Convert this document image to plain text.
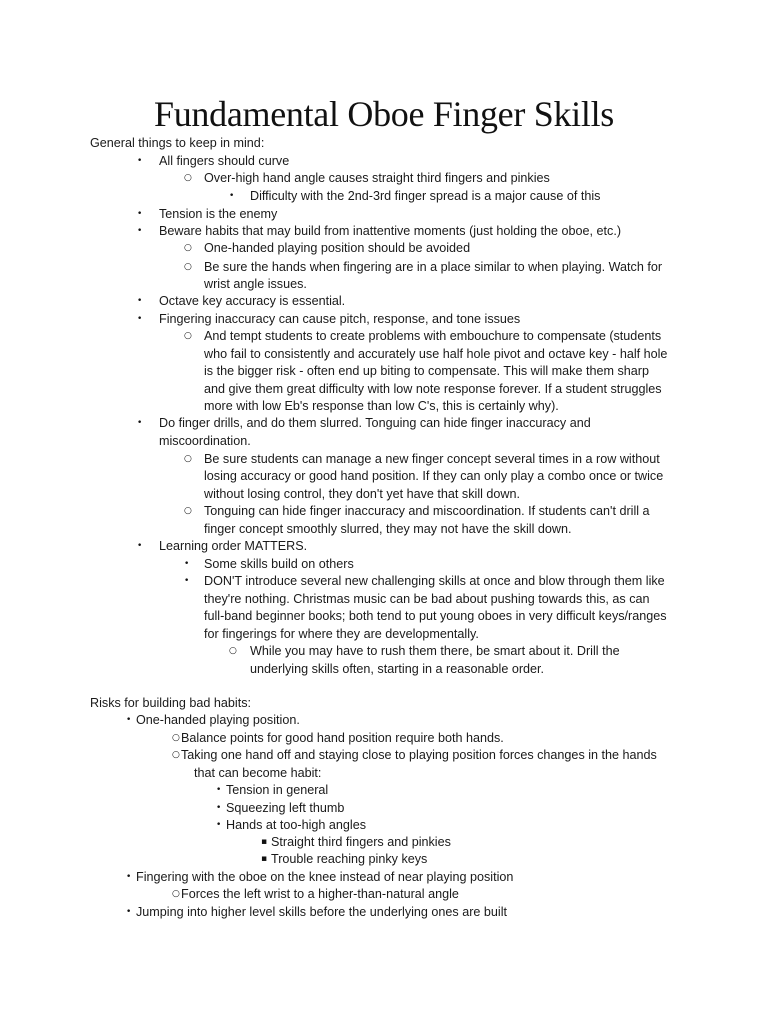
Fundamental Oboe Finger Skills
General things to keep in mind:
• All fingers should curve
○ Over-high hand angle causes straight third fingers and pinkies
• Difficulty with the 2nd-3rd finger spread is a major cause of this
• Tension is the enemy
• Beware habits that may build from inattentive moments (just holding the oboe, etc.)
○ One-handed playing position should be avoided
○ Be sure the hands when fingering are in a place similar to when playing. Watch for
wrist angle issues.
• Octave key accuracy is essential.
• Fingering inaccuracy can cause pitch, response, and tone issues
○ And tempt students to create problems with embouchure to compensate (students
who fail to consistently and accurately use half hole pivot and octave key - half hole
is the bigger risk - often end up biting to compensate. This will make them sharp
and give them great difficulty with low note response forever. If a student struggles
more with low Eb's response than low C's, this is certainly why).
• Do finger drills, and do them slurred. Tonguing can hide finger inaccuracy and
miscoordination.
○ Be sure students can manage a new finger concept several times in a row without
losing accuracy or good hand position. If they can only play a combo once or twice
without losing control, they don't yet have that skill down.
○ Tonguing can hide finger inaccuracy and miscoordination. If students can't drill a
finger concept smoothly slurred, they may not have the skill down.
• Learning order MATTERS.
• Some skills build on others
• DON'T introduce several new challenging skills at once and blow through them like
they're nothing. Christmas music can be bad about pushing towards this, as can
full-band beginner books; both tend to put young oboes in very difficult keys/ranges
for fingerings for where they are developmentally.
○ While you may have to rush them there, be smart about it. Drill the
underlying skills often, starting in a reasonable order.
Risks for building bad habits:
• One-handed playing position.
○ Balance points for good hand position require both hands.
○ Taking one hand off and staying close to playing position forces changes in the hands
that can become habit:
• Tension in general
• Squeezing left thumb
• Hands at too-high angles
▪ Straight third fingers and pinkies
▪ Trouble reaching pinky keys
• Fingering with the oboe on the knee instead of near playing position
○ Forces the left wrist to a higher-than-natural angle
• Jumping into higher level skills before the underlying ones are built
